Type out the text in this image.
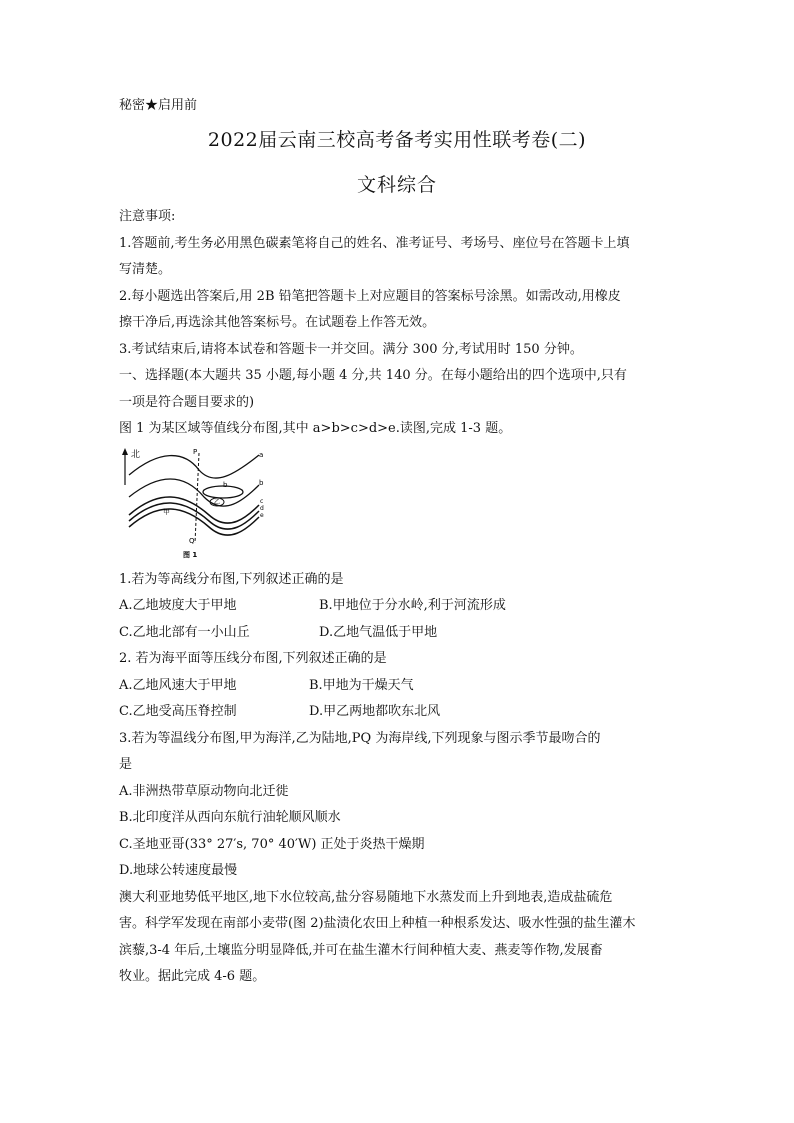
秘密★启用前
2022届云南三校高考备考实用性联考卷(二)
文科综合
注意事项:
1.答题前,考生务必用黑色碳素笔将自己的姓名、准考证号、考场号、座位号在答题卡上填
写清楚。
2.每小题选出答案后,用 2B 铅笔把答题卡上对应题目的答案标号涂黑。如需改动,用橡皮
擦干净后,再选涂其他答案标号。在试题卷上作答无效。
3.考试结束后,请将本试卷和答题卡一并交回。满分 300 分,考试用时 150 分钟。
一、选择题(本大题共 35 小题,每小题 4 分,共 140 分。在每小题给出的四个选项中,只有
一项是符合题目要求的)
图 1 为某区域等值线分布图,其中 a>b>c>d>e.读图,完成 1-3 题。
北	P
Q
a
b
c
d
e
b
乙
甲
图 1
1.若为等高线分布图,下列叙述正确的是
A.乙地坡度大于甲地	B.甲地位于分水岭,利于河流形成
C.乙地北部有一小山丘	D.乙地气温低于甲地
2. 若为海平面等压线分布图,下列叙述正确的是
A.乙地风速大于甲地	B.甲地为干燥天气
C.乙地受高压脊控制	D.甲乙两地都吹东北风
3.若为等温线分布图,甲为海洋,乙为陆地,PQ 为海岸线,下列现象与图示季节最吻合的
是
A.非洲热带草原动物向北迁徙
B.北印度洋从西向东航行油轮顺风顺水
C.圣地亚哥(33° 27′s, 70° 40′W) 正处于炎热干燥期
D.地球公转速度最慢
澳大利亚地势低平地区,地下水位较高,盐分容易随地下水蒸发而上升到地表,造成盐硫危
害。科学军发现在南部小麦带(图 2)盐渍化农田上种植一种根系发达、吸水性强的盐生灌木
滨藜,3-4 年后,土壤监分明显降低,并可在盐生灌木行间种植大麦、燕麦等作物,发展畜
牧业。据此完成 4-6 题。
